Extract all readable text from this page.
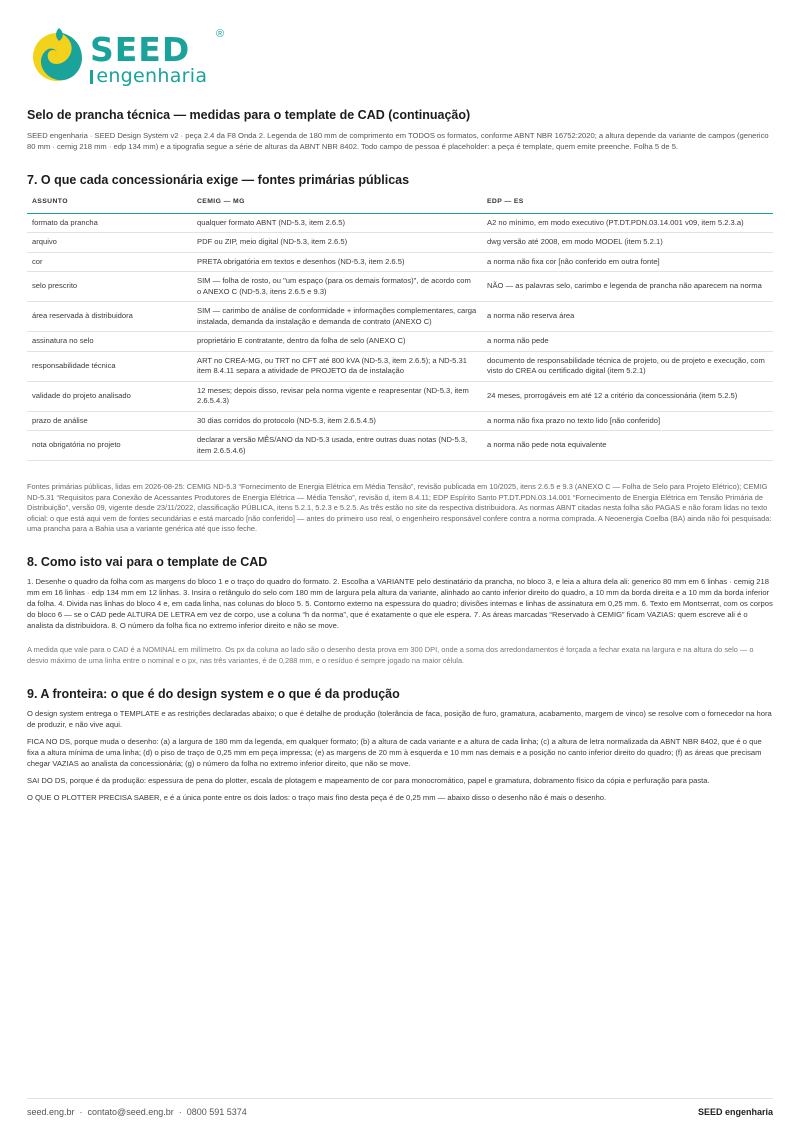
SEED ®
engenharia
Selo de prancha técnica — medidas para o template de CAD (continuação)

SEED engenharia · SEED Design System v2 · peça 2.4 da F8 Onda 2. Legenda de 180 mm de comprimento em TODOS os formatos, conforme ABNT NBR 16752:2020; a altura depende da variante de campos (generico 80 mm · cemig 218 mm · edp 134 mm) e a tipografia segue a série de alturas da ABNT NBR 8402. Todo campo de pessoa é placeholder: a peça é template, quem emite preenche. Folha 5 de 5.

7. O que cada concessionária exige — fontes primárias públicas
ASSUNTO	CEMIG — MG	EDP — ES
formato da prancha	qualquer formato ABNT (ND-5.3, item 2.6.5)	A2 no mínimo, em modo executivo (PT.DT.PDN.03.14.001 v09, item 5.2.3.a)
arquivo	PDF ou ZIP, meio digital (ND-5.3, item 2.6.5)	dwg versão até 2008, em modo MODEL (item 5.2.1)
cor	PRETA obrigatória em textos e desenhos (ND-5.3, item 2.6.5)	a norma não fixa cor [não conferido em outra fonte]
selo prescrito	SIM — folha de rosto, ou "um espaço (para os demais formatos)", de acordo com o ANEXO C (ND-5.3, itens 2.6.5 e 9.3)	NÃO — as palavras selo, carimbo e legenda de prancha não aparecem na norma
área reservada à distribuidora	SIM — carimbo de análise de conformidade + informações complementares, carga instalada, demanda da instalação e demanda de contrato (ANEXO C)	a norma não reserva área
assinatura no selo	proprietário E contratante, dentro da folha de selo (ANEXO C)	a norma não pede
responsabilidade técnica	ART no CREA-MG, ou TRT no CFT até 800 kVA (ND-5.3, item 2.6.5); a ND-5.31 item 8.4.11 separa a atividade de PROJETO da de instalação	documento de responsabilidade técnica de projeto, ou de projeto e execução, com visto do CREA ou certificado digital (item 5.2.1)
validade do projeto analisado	12 meses; depois disso, revisar pela norma vigente e reapresentar (ND-5.3, item 2.6.5.4.3)	24 meses, prorrogáveis em até 12 a critério da concessionária (item 5.2.5)
prazo de análise	30 dias corridos do protocolo (ND-5.3, item 2.6.5.4.5)	a norma não fixa prazo no texto lido [não conferido]
nota obrigatória no projeto	declarar a versão MÊS/ANO da ND-5.3 usada, entre outras duas notas (ND-5.3, item 2.6.5.4.6)	a norma não pede nota equivalente

Fontes primárias públicas, lidas em 2026-08-25: CEMIG ND-5.3 “Fornecimento de Energia Elétrica em Média Tensão”, revisão publicada em 10/2025, itens 2.6.5 e 9.3 (ANEXO C — Folha de Selo para Projeto Elétrico); CEMIG ND-5.31 “Requisitos para Conexão de Acessantes Produtores de Energia Elétrica — Média Tensão”, revisão d, item 8.4.11; EDP Espírito Santo PT.DT.PDN.03.14.001 “Fornecimento de Energia Elétrica em Tensão Primária de Distribuição”, versão 09, vigente desde 23/11/2022, classificação PÚBLICA, itens 5.2.1, 5.2.3 e 5.2.5. As três estão no site da respectiva distribuidora. As normas ABNT citadas nesta folha são PAGAS e não foram lidas no texto oficial: o que está aqui vem de fontes secundárias e está marcado [não conferido] — antes do primeiro uso real, o engenheiro responsável confere contra a norma comprada. A Neoenergia Coelba (BA) ainda não foi pesquisada: uma prancha para a Bahia usa a variante genérica até que isso feche.

8. Como isto vai para o template de CAD

1. Desenhe o quadro da folha com as margens do bloco 1 e o traço do quadro do formato. 2. Escolha a VARIANTE pelo destinatário da prancha, no bloco 3, e leia a altura dela ali: generico 80 mm em 6 linhas · cemig 218 mm em 16 linhas · edp 134 mm em 12 linhas. 3. Insira o retângulo do selo com 180 mm de largura pela altura da variante, alinhado ao canto inferior direito do quadro, a 10 mm da borda direita e a 10 mm da borda inferior da folha. 4. Divida nas linhas do bloco 4 e, em cada linha, nas colunas do bloco 5. 5. Contorno externo na espessura do quadro; divisões internas e linhas de assinatura em 0,25 mm. 6. Texto em Montserrat, com os corpos do bloco 6 — se o CAD pede ALTURA DE LETRA em vez de corpo, use a coluna “h da norma”, que é exatamente o que ele espera. 7. As áreas marcadas “Reservado à CEMIG” ficam VAZIAS: quem escreve ali é o analista da distribuidora. 8. O número da folha fica no extremo inferior direito e não se move.

A medida que vale para o CAD é a NOMINAL em milímetro. Os px da coluna ao lado são o desenho desta prova em 300 DPI, onde a soma dos arredondamentos é forçada a fechar exata na largura e na altura do selo — o desvio máximo de uma linha entre o nominal e o px, nas três variantes, é de 0,288 mm, e o resíduo é sempre jogado na maior célula.

9. A fronteira: o que é do design system e o que é da produção

O design system entrega o TEMPLATE e as restrições declaradas abaixo; o que é detalhe de produção (tolerância de faca, posição de furo, gramatura, acabamento, margem de vinco) se resolve com o fornecedor na hora de produzir, e não vive aqui.

FICA NO DS, porque muda o desenho: (a) a largura de 180 mm da legenda, em qualquer formato; (b) a altura de cada variante e a altura de cada linha; (c) a altura de letra normalizada da ABNT NBR 8402, que é o que fixa a altura mínima de uma linha; (d) o piso de traço de 0,25 mm em peça impressa; (e) as margens de 20 mm à esquerda e 10 mm nas demais e a posição no canto inferior direito do quadro; (f) as áreas que precisam chegar VAZIAS ao analista da concessionária; (g) o número da folha no extremo inferior direito, que não se move.

SAI DO DS, porque é da produção: espessura de pena do plotter, escala de plotagem e mapeamento de cor para monocromático, papel e gramatura, dobramento físico da cópia e perfuração para pasta.

O QUE O PLOTTER PRECISA SABER, e é a única ponte entre os dois lados: o traço mais fino desta peça é de 0,25 mm — abaixo disso o desenho não é mais o desenho.

seed.eng.br  ·  contato@seed.eng.br  ·  0800 591 5374	SEED engenharia
